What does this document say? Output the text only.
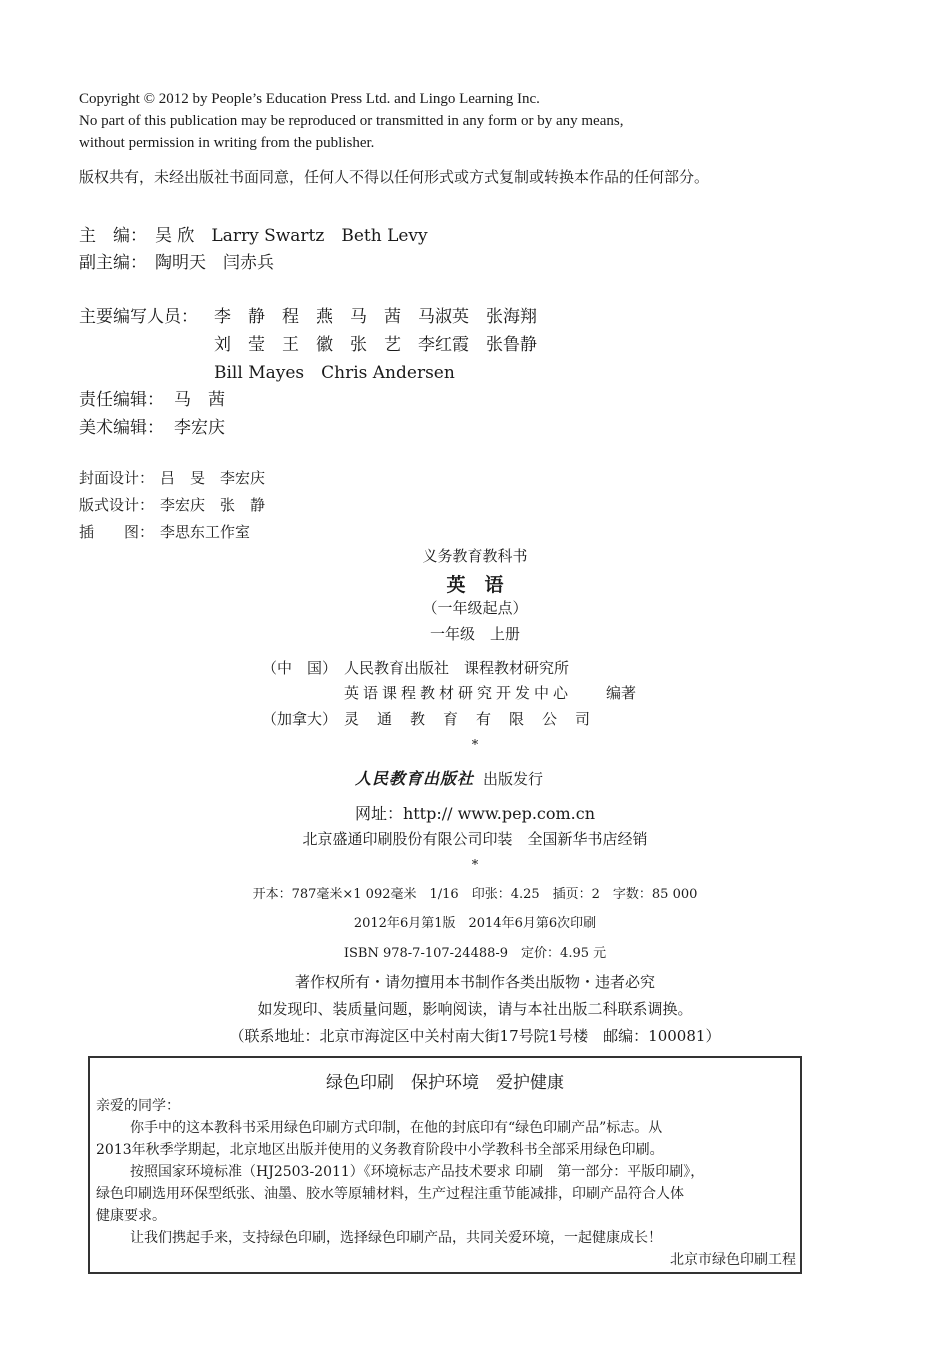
Copyright © 2012 by People’s Education Press Ltd. and Lingo Learning Inc.
No part of this publication may be reproduced or transmitted in any form or by any means,
without permission in writing from the publisher.
版权共有，未经出版社书面同意，任何人不得以任何形式或方式复制或转换本作品的任何部分。
主　编： 吴 欣　Larry Swartz　Beth Levy
副主编： 陶明天　闫赤兵
主要编写人员： 李　静　程　燕　马　茜　马淑英　张海翔
刘　莹　王　徽　张　艺　李红霞　张鲁静
Bill Mayes　Chris Andersen
责任编辑： 马　茜
美术编辑： 李宏庆
封面设计： 吕　旻　李宏庆
版式设计： 李宏庆　张　静
插　　图： 李思东工作室
义务教育教科书
英　语
（一年级起点）
一年级　上册
（中　国） 人民教育出版社　课程教材研究所
英语课程教材研究开发中心 编著
（加拿大） 灵通教育有限公司
*
人民教育出版社 出版发行
网址：http:// www.pep.com.cn
北京盛通印刷股份有限公司印装　全国新华书店经销
*
开本：787毫米×1 092毫米　1/16　印张：4.25　插页：2　字数：85 000
2012年6月第1版　2014年6月第6次印刷
ISBN 978-7-107-24488-9　定价：4.95 元
著作权所有・请勿擅用本书制作各类出版物・违者必究
如发现印、装质量问题，影响阅读，请与本社出版二科联系调换。
（联系地址：北京市海淀区中关村南大街17号院1号楼　邮编：100081）
绿色印刷　保护环境　爱护健康
亲爱的同学：
你手中的这本教科书采用绿色印刷方式印制，在他的封底印有“绿色印刷产品”标志。从
2013年秋季学期起，北京地区出版并使用的义务教育阶段中小学教科书全部采用绿色印刷。
按照国家环境标准（HJ2503-2011）《环境标志产品技术要求 印刷　第一部分：平版印刷》，
绿色印刷选用环保型纸张、油墨、胶水等原辅材料，生产过程注重节能减排，印刷产品符合人体
健康要求。
让我们携起手来，支持绿色印刷，选择绿色印刷产品，共同关爱环境，一起健康成长！
北京市绿色印刷工程
